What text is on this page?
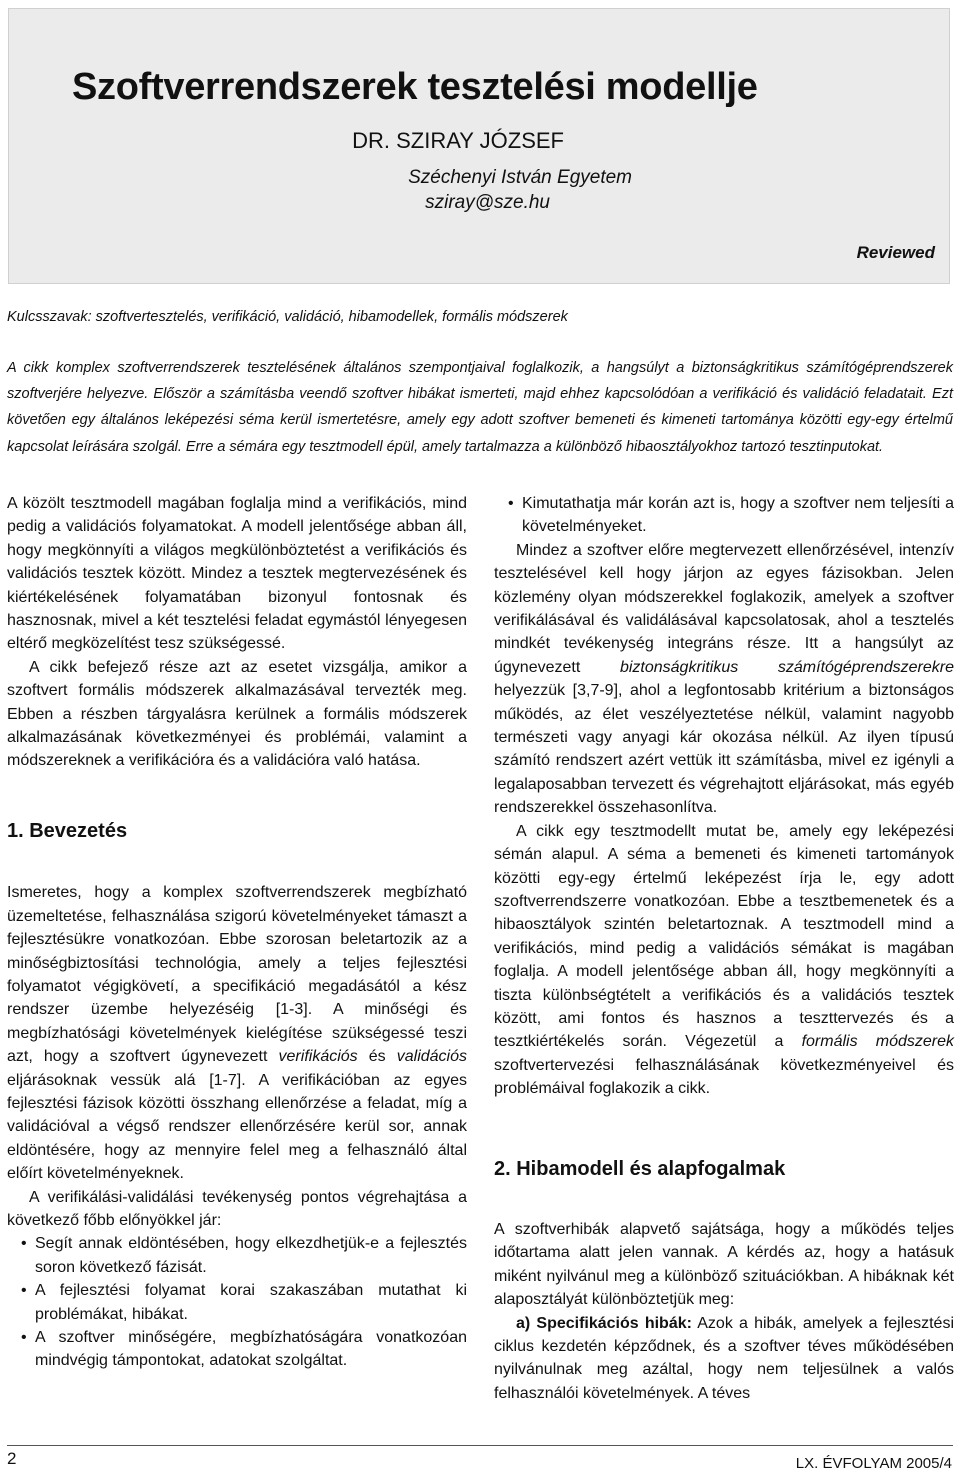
Szoftverrendszerek tesztelési modellje
DR. SZIRAY JÓZSEF
Széchenyi István Egyetem
sziray@sze.hu
Reviewed
Kulcsszavak: szoftvertesztelés, verifikáció, validáció, hibamodellek, formális módszerek

A cikk komplex szoftverrendszerek tesztelésének általános szempontjaival foglalkozik, a hangsúlyt a biztonságkritikus számítógéprendszerek szoftverjére helyezve. Először a számításba veendő szoftver hibákat ismerteti, majd ehhez kapcsolódóan a verifikáció és validáció feladatait. Ezt követően egy általános leképezési séma kerül ismertetésre, amely egy adott szoftver bemeneti és kimeneti tartománya közötti egy-egy értelmű kapcsolat leírására szolgál. Erre a sémára egy tesztmodell épül, amely tartalmazza a különböző hibaosztályokhoz tartozó tesztinputokat.

A közölt tesztmodell magában foglalja mind a verifikációs, mind pedig a validációs folyamatokat. A modell jelentősége abban áll, hogy megkönnyíti a világos megkülönböztetést a verifikációs és validációs tesztek között. Mindez a tesztek megtervezésének és kiértékelésének folyamatában bizonyul fontosnak és hasznosnak, mivel a két tesztelési feladat egymástól lényegesen eltérő megközelítést tesz szükségessé.

A cikk befejező része azt az esetet vizsgálja, amikor a szoftvert formális módszerek alkalmazásával tervezték meg. Ebben a részben tárgyalásra kerülnek a formális módszerek alkalmazásának következményei és problémái, valamint a módszereknek a verifikációra és a validációra való hatása.

1. Bevezetés

Ismeretes, hogy a komplex szoftverrendszerek megbízható üzemeltetése, felhasználása szigorú követelményeket támaszt a fejlesztésükre vonatkozóan. Ebbe szorosan beletartozik az a minőségbiztosítási technológia, amely a teljes fejlesztési folyamatot végigkövetí, a specifikáció megadásától a kész rendszer üzembe helyezéséig [1-3]. A minőségi és megbízhatósági követelmények kielégítése szükségessé teszi azt, hogy a szoftvert úgynevezett verifikációs és validációs eljárásoknak vessük alá [1-7]. A verifikációban az egyes fejlesztési fázisok közötti összhang ellenőrzése a feladat, míg a validációval a végső rendszer ellenőrzésére kerül sor, annak eldöntésére, hogy az mennyire felel meg a felhasználó által előírt követelményeknek.

A verifikálási-validálási tevékenység pontos végrehajtása a következő főbb előnyökkel jár:

• Segít annak eldöntésében, hogy elkezdhetjük-e a fejlesztés soron következő fázisát.
• A fejlesztési folyamat korai szakaszában mutathat ki problémákat, hibákat.
• A szoftver minőségére, megbízhatóságára vonatkozóan mindvégig támpontokat, adatokat szolgáltat.
• Kimutathatja már korán azt is, hogy a szoftver nem teljesíti a követelményeket.

Mindez a szoftver előre megtervezett ellenőrzésével, intenzív tesztelésével kell hogy járjon az egyes fázisokban. Jelen közlemény olyan módszerekkel foglakozik, amelyek a szoftver verifikálásával és validálásával kapcsolatosak, ahol a tesztelés mindkét tevékenység integráns része. Itt a hangsúlyt az úgynevezett biztonságkritikus számítógéprendszerekre helyezzük [3,7-9], ahol a legfontosabb kritérium a biztonságos működés, az élet veszélyeztetése nélkül, valamint nagyobb természeti vagy anyagi kár okozása nélkül. Az ilyen típusú számító rendszert azért vettük itt számításba, mivel ez igényli a legalaposabban tervezett és végrehajtott eljárásokat, más egyéb rendszerekkel összehasonlítva.

A cikk egy tesztmodellt mutat be, amely egy leképezési sémán alapul. A séma a bemeneti és kimeneti tartományok közötti egy-egy értelmű leképezést írja le, egy adott szoftverrendszerre vonatkozóan. Ebbe a tesztbemenetek és a hibaosztályok szintén beletartoznak. A tesztmodell mind a verifikációs, mind pedig a validációs sémákat is magában foglalja. A modell jelentősége abban áll, hogy megkönnyíti a tiszta különbségtételt a verifikációs és a validációs tesztek között, ami fontos és hasznos a teszttervezés és a tesztkiértékelés során. Végezetül a formális módszerek szoftvertervezési felhasználásának következményeivel és problémáival foglakozik a cikk.

2. Hibamodell és alapfogalmak

A szoftverhibák alapvető sajátsága, hogy a működés teljes időtartama alatt jelen vannak. A kérdés az, hogy a hatásuk miként nyilvánul meg a különböző szituációkban. A hibáknak két alaposztályát különböztetjük meg:

a) Specifikációs hibák: Azok a hibák, amelyek a fejlesztési ciklus kezdetén képződnek, és a szoftver téves működésében nyilvánulnak meg azáltal, hogy nem teljesülnek a valós felhasználói követelmények. A téves

2	LX. ÉVFOLYAM 2005/4
